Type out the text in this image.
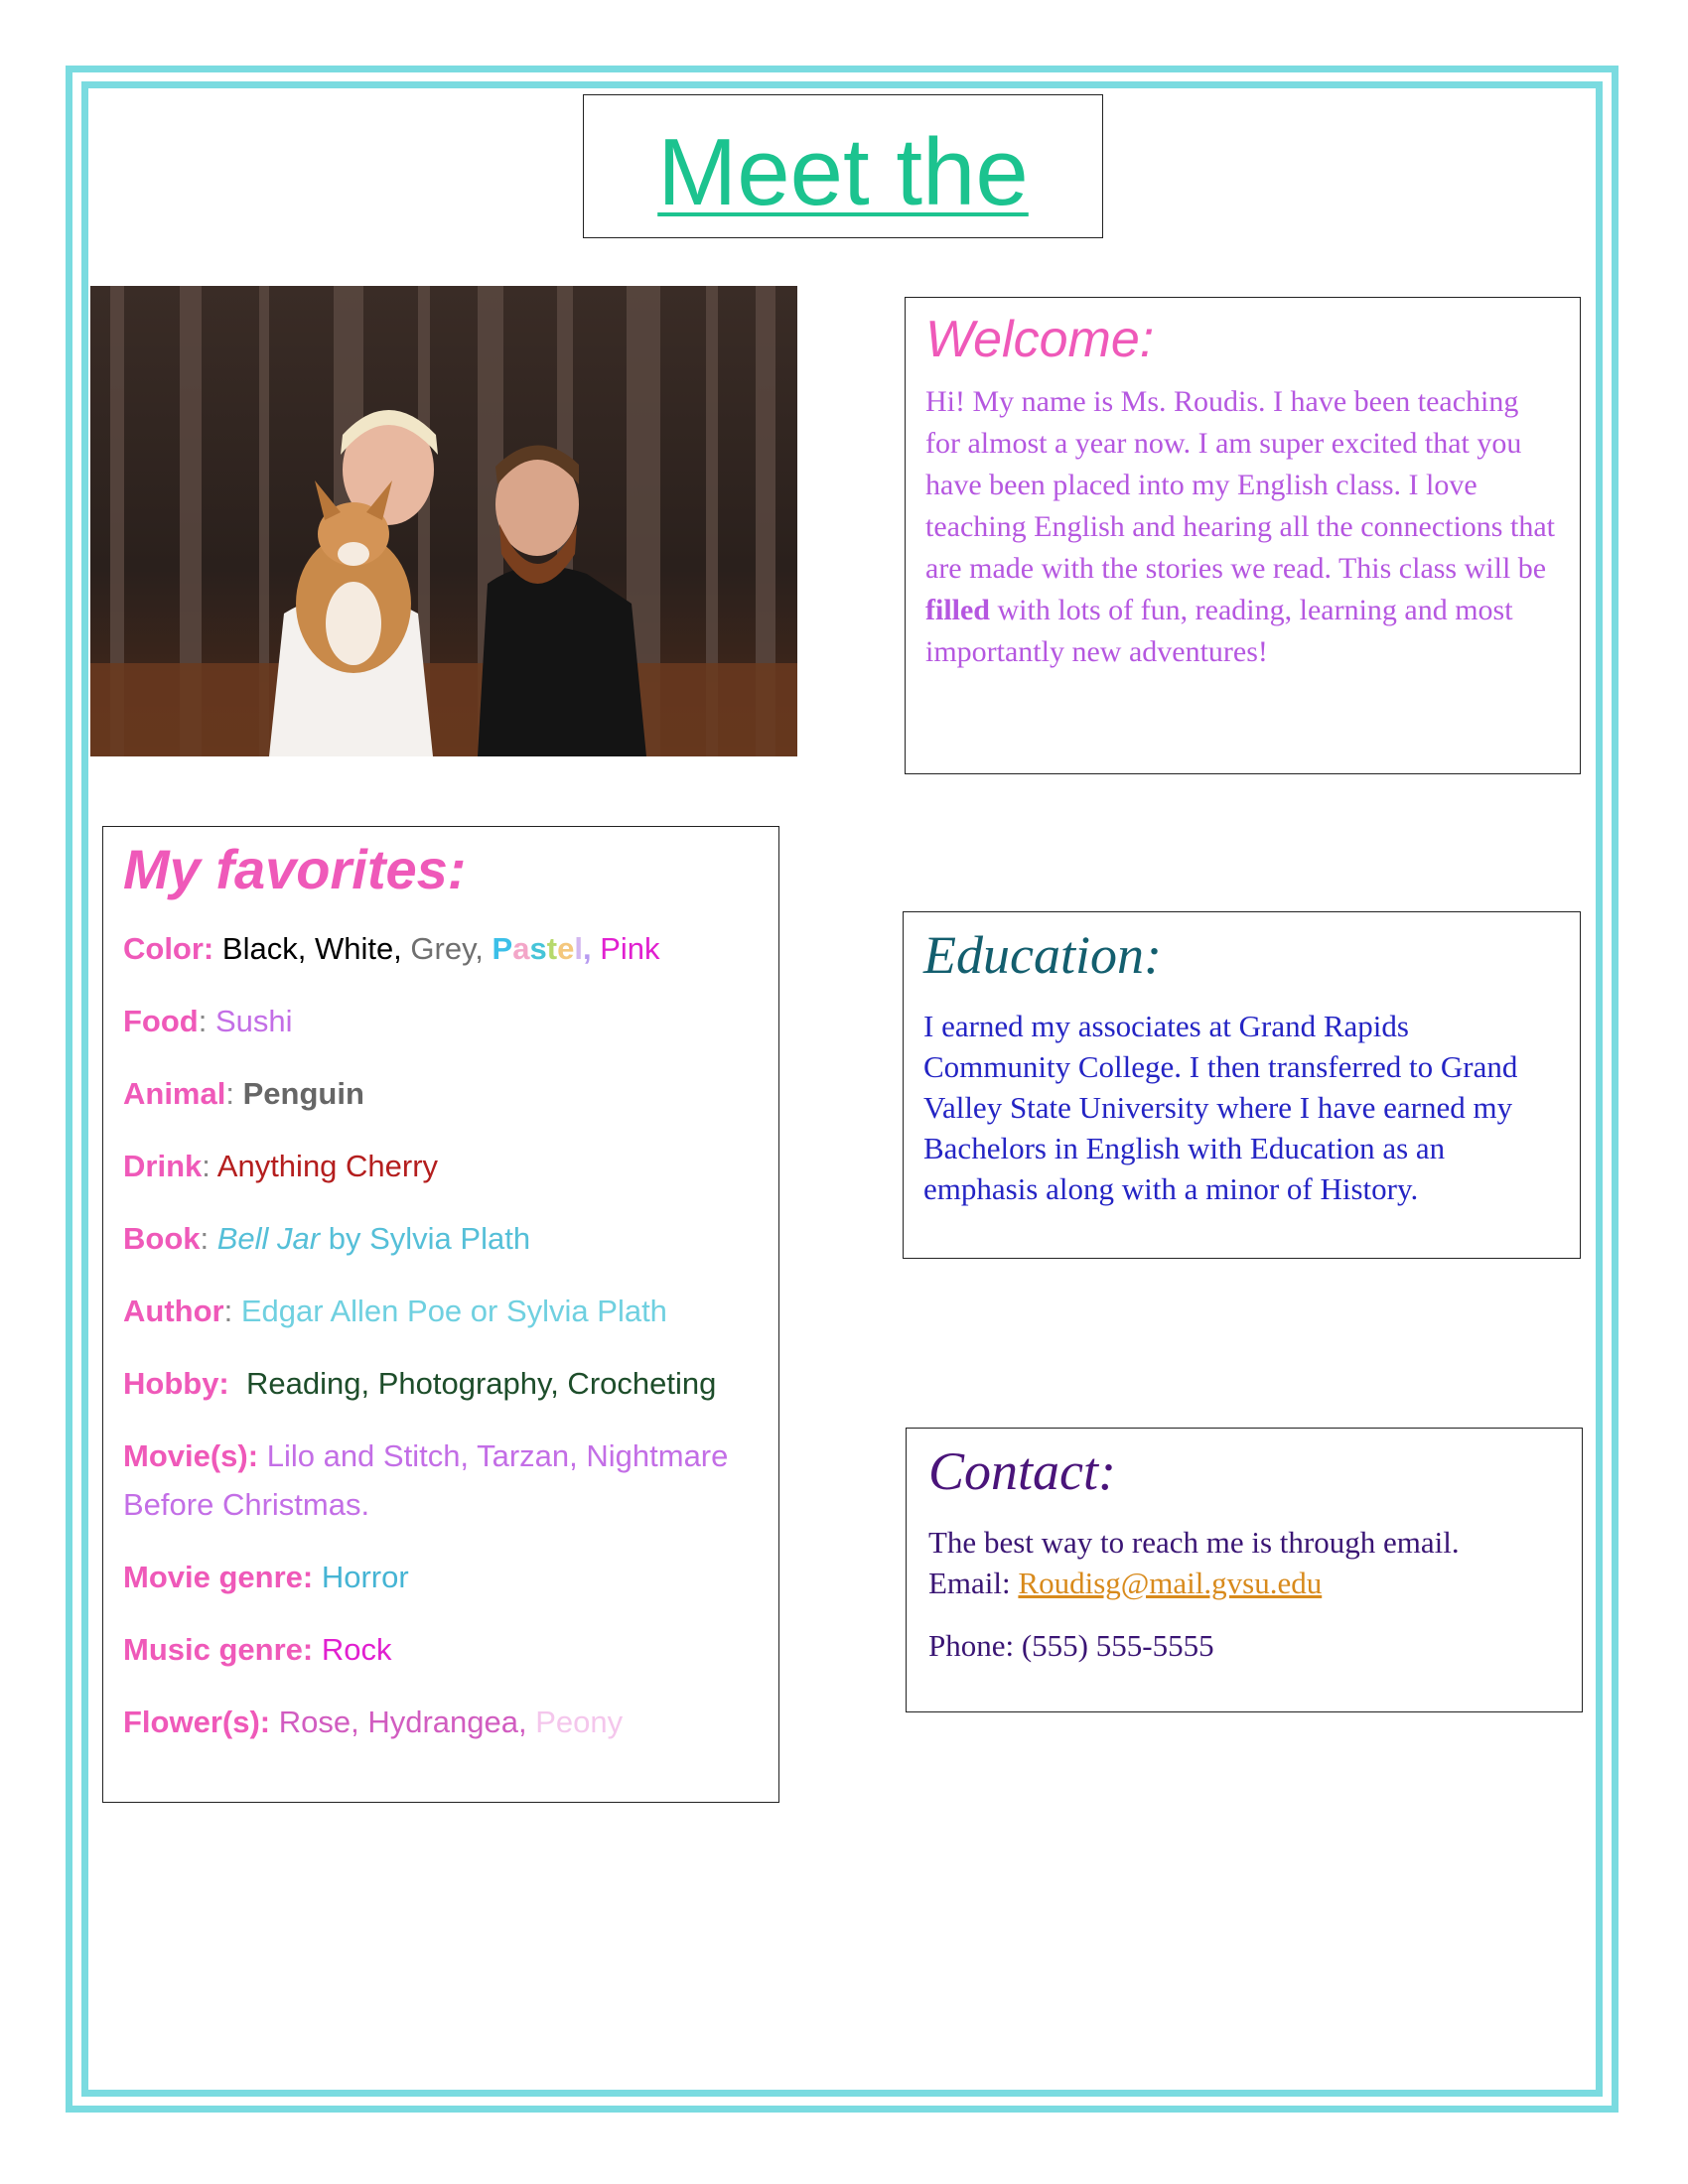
Meet the
Welcome:

Hi! My name is Ms. Roudis. I have been teaching for almost a year now. I am super excited that you have been placed into my English class. I love teaching English and hearing all the connections that are made with the stories we read. This class will be filled with lots of fun, reading, learning and most importantly new adventures!

My favorites:

Color: Black, White, Grey, Pastel, Pink

Food: Sushi

Animal: Penguin

Drink: Anything Cherry

Book: Bell Jar by Sylvia Plath

Author: Edgar Allen Poe or Sylvia Plath

Hobby: Reading, Photography, Crocheting

Movie(s): Lilo and Stitch, Tarzan, Nightmare Before Christmas.

Movie genre: Horror

Music genre: Rock

Flower(s): Rose, Hydrangea, Peony

Education:

I earned my associates at Grand Rapids Community College. I then transferred to Grand Valley State University where I have earned my Bachelors in English with Education as an emphasis along with a minor of History.

Contact:

The best way to reach me is through email.

Email: Roudisg@mail.gvsu.edu

Phone: (555) 555-5555
